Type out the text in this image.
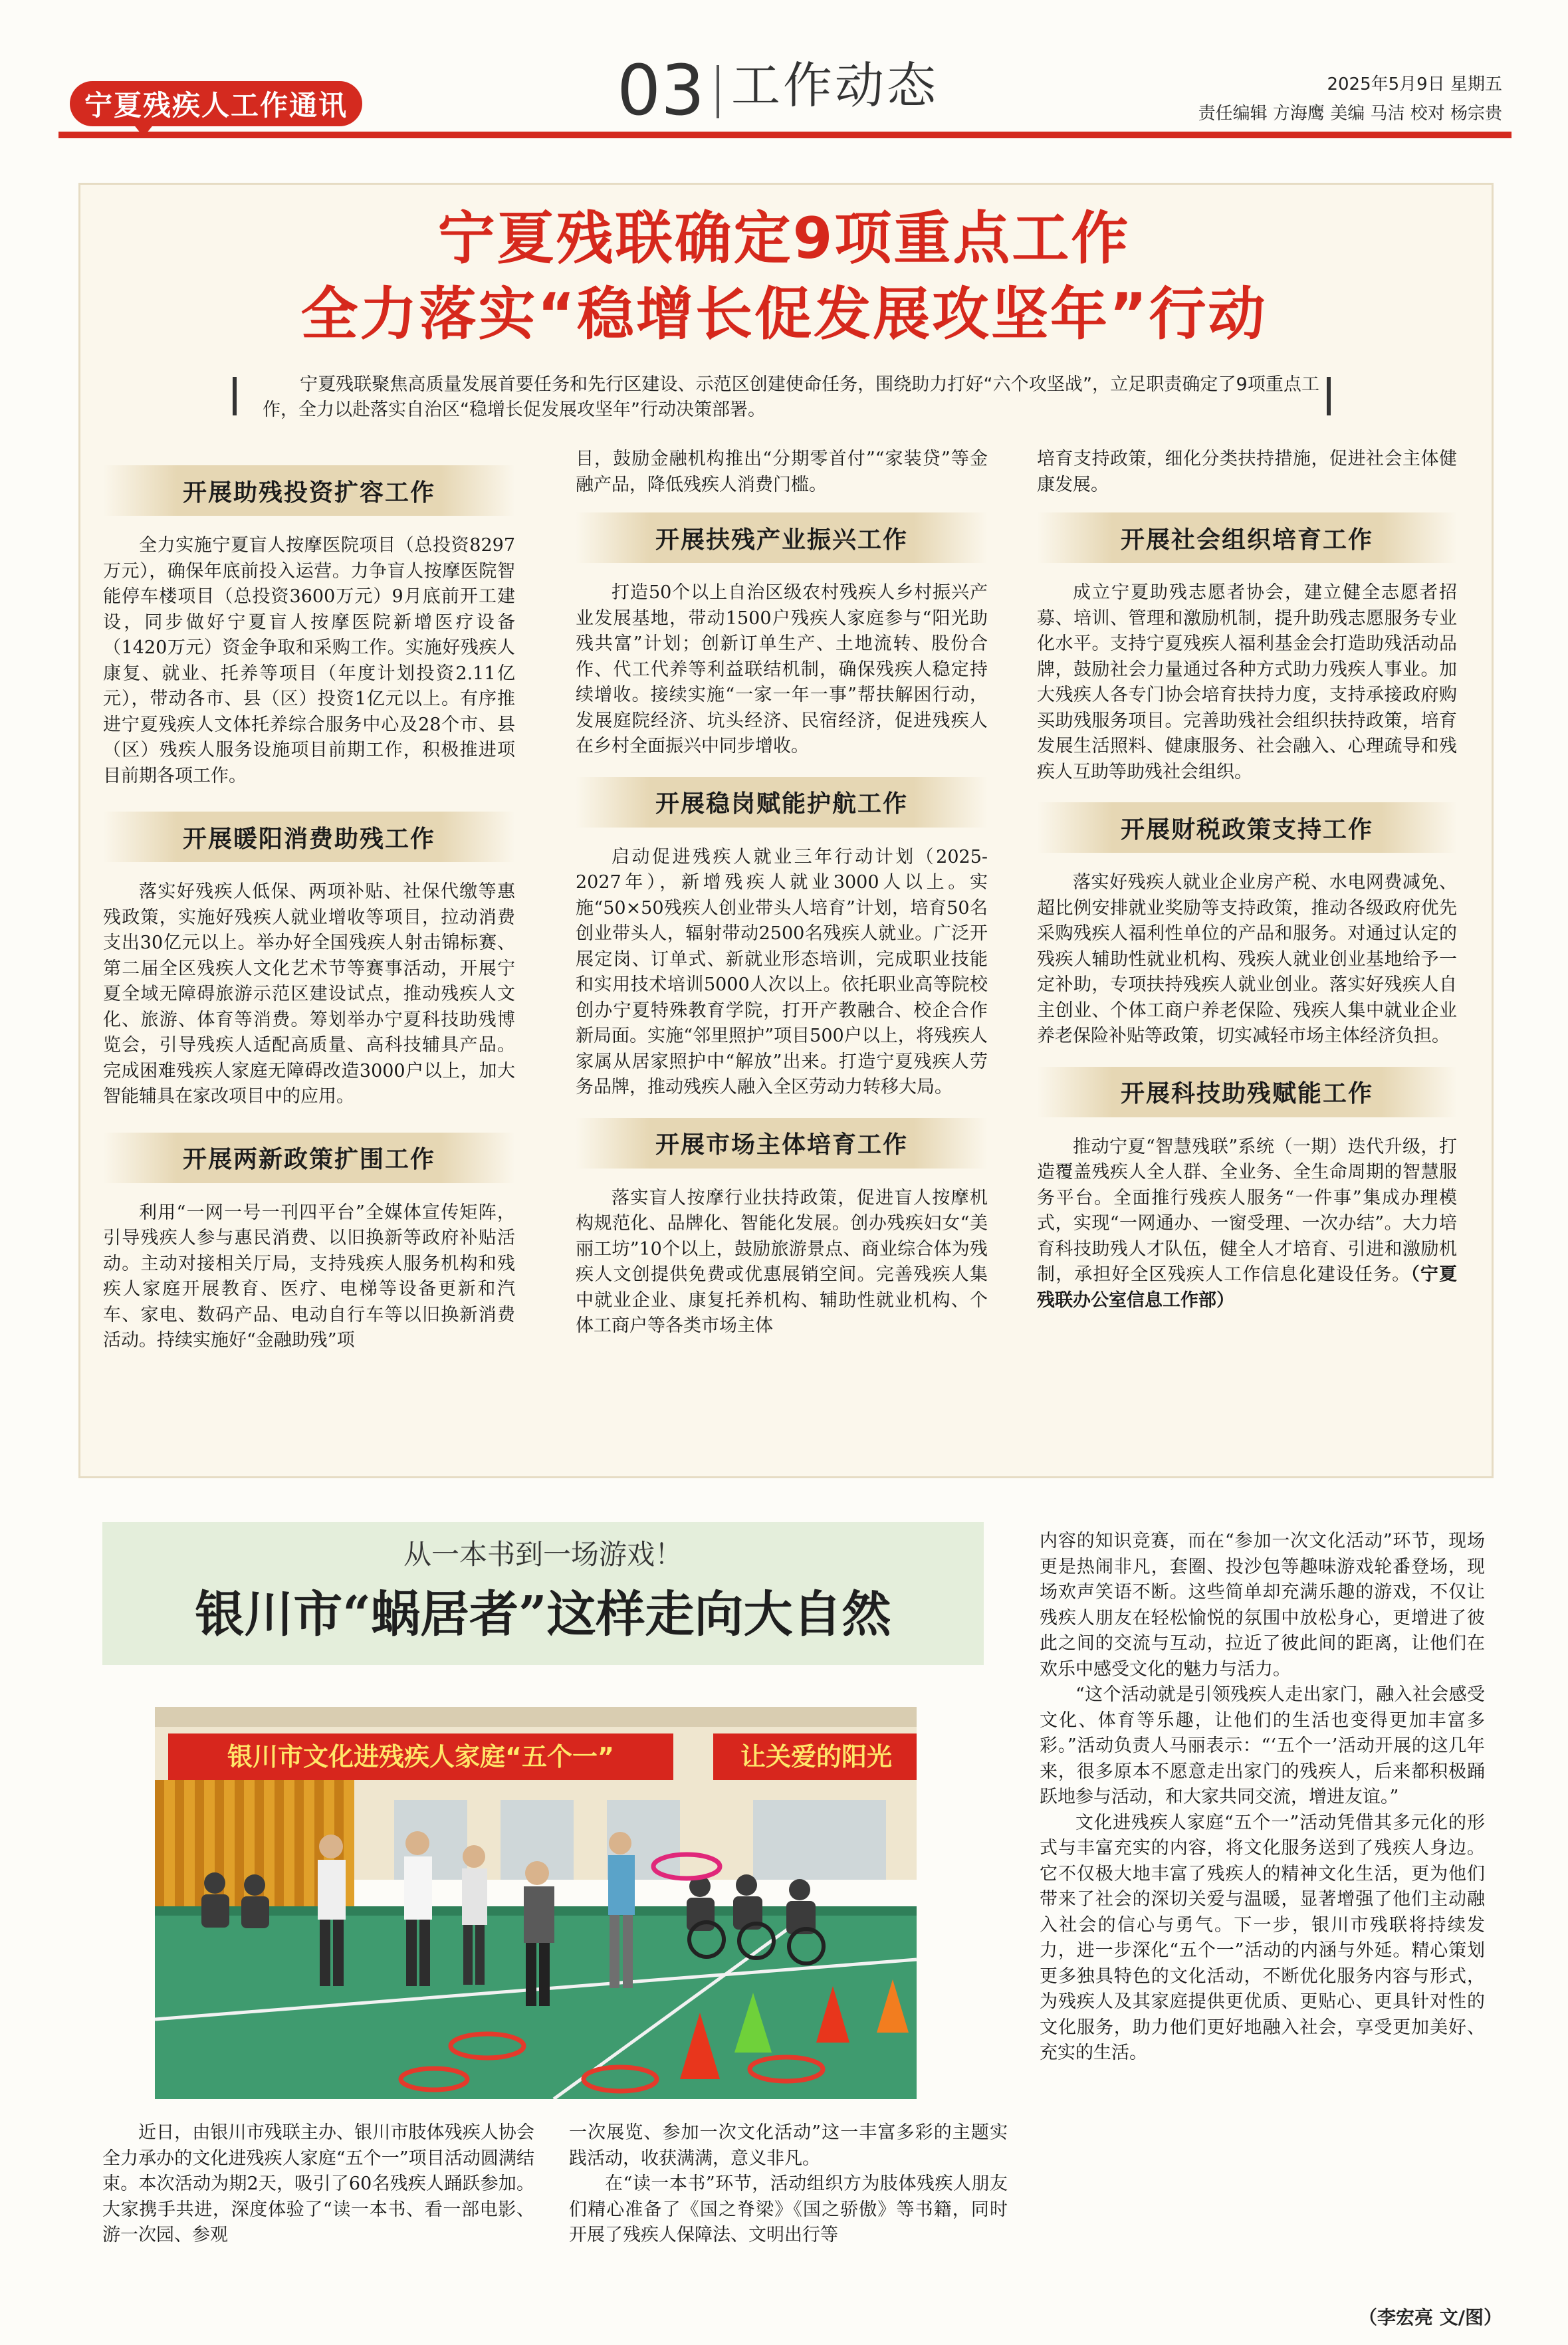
宁夏残疾人工作通讯	03 工作动态	2025年5月9日 星期五
责任编辑 方海鹰 美编 马洁 校对 杨宗贵
宁夏残联确定9项重点工作
全力落实“稳增长促发展攻坚年”行动

宁夏残联聚焦高质量发展首要任务和先行区建设、示范区创建使命任务，围绕助力打好“六个攻坚战”，立足职责确定了9项重点工作，全力以赴落实自治区“稳增长促发展攻坚年”行动决策部署。

开展助残投资扩容工作

全力实施宁夏盲人按摩医院项目（总投资8297万元），确保年底前投入运营。力争盲人按摩医院智能停车楼项目（总投资3600万元）9月底前开工建设，同步做好宁夏盲人按摩医院新增医疗设备（1420万元）资金争取和采购工作。实施好残疾人康复、就业、托养等项目（年度计划投资2.11亿元），带动各市、县（区）投资1亿元以上。有序推进宁夏残疾人文体托养综合服务中心及28个市、县（区）残疾人服务设施项目前期工作，积极推进项目前期各项工作。

开展暖阳消费助残工作

落实好残疾人低保、两项补贴、社保代缴等惠残政策，实施好残疾人就业增收等项目，拉动消费支出30亿元以上。举办好全国残疾人射击锦标赛、第二届全区残疾人文化艺术节等赛事活动，开展宁夏全域无障碍旅游示范区建设试点，推动残疾人文化、旅游、体育等消费。筹划举办宁夏科技助残博览会，引导残疾人适配高质量、高科技辅具产品。完成困难残疾人家庭无障碍改造3000户以上，加大智能辅具在家改项目中的应用。

开展两新政策扩围工作

利用“一网一号一刊四平台”全媒体宣传矩阵，引导残疾人参与惠民消费、以旧换新等政府补贴活动。主动对接相关厅局，支持残疾人服务机构和残疾人家庭开展教育、医疗、电梯等设备更新和汽车、家电、数码产品、电动自行车等以旧换新消费活动。持续实施好“金融助残”项

目，鼓励金融机构推出“分期零首付”“家装贷”等金融产品，降低残疾人消费门槛。

开展扶残产业振兴工作

打造50个以上自治区级农村残疾人乡村振兴产业发展基地，带动1500户残疾人家庭参与“阳光助残共富”计划；创新订单生产、土地流转、股份合作、代工代养等利益联结机制，确保残疾人稳定持续增收。接续实施“一家一年一事”帮扶解困行动，发展庭院经济、坑头经济、民宿经济，促进残疾人在乡村全面振兴中同步增收。

开展稳岗赋能护航工作

启动促进残疾人就业三年行动计划（2025-2027年），新增残疾人就业3000人以上。实施“50×50残疾人创业带头人培育”计划，培育50名创业带头人，辐射带动2500名残疾人就业。广泛开展定岗、订单式、新就业形态培训，完成职业技能和实用技术培训5000人次以上。依托职业高等院校创办宁夏特殊教育学院，打开产教融合、校企合作新局面。实施“邻里照护”项目500户以上，将残疾人家属从居家照护中“解放”出来。打造宁夏残疾人劳务品牌，推动残疾人融入全区劳动力转移大局。

开展市场主体培育工作

落实盲人按摩行业扶持政策，促进盲人按摩机构规范化、品牌化、智能化发展。创办残疾妇女“美丽工坊”10个以上，鼓励旅游景点、商业综合体为残疾人文创提供免费或优惠展销空间。完善残疾人集中就业企业、康复托养机构、辅助性就业机构、个体工商户等各类市场主体

培育支持政策，细化分类扶持措施，促进社会主体健康发展。

开展社会组织培育工作

成立宁夏助残志愿者协会，建立健全志愿者招募、培训、管理和激励机制，提升助残志愿服务专业化水平。支持宁夏残疾人福利基金会打造助残活动品牌，鼓励社会力量通过各种方式助力残疾人事业。加大残疾人各专门协会培育扶持力度，支持承接政府购买助残服务项目。完善助残社会组织扶持政策，培育发展生活照料、健康服务、社会融入、心理疏导和残疾人互助等助残社会组织。

开展财税政策支持工作

落实好残疾人就业企业房产税、水电网费减免、超比例安排就业奖励等支持政策，推动各级政府优先采购残疾人福利性单位的产品和服务。对通过认定的残疾人辅助性就业机构、残疾人就业创业基地给予一定补助，专项扶持残疾人就业创业。落实好残疾人自主创业、个体工商户养老保险、残疾人集中就业企业养老保险补贴等政策，切实减轻市场主体经济负担。

开展科技助残赋能工作

推动宁夏“智慧残联”系统（一期）迭代升级，打造覆盖残疾人全人群、全业务、全生命周期的智慧服务平台。全面推行残疾人服务“一件事”集成办理模式，实现“一网通办、一窗受理、一次办结”。大力培育科技助残人才队伍，健全人才培育、引进和激励机制，承担好全区残疾人工作信息化建设任务。（宁夏残联办公室信息工作部）

从一本书到一场游戏！
银川市“蜗居者”这样走向大自然
银川市文化进残疾人家庭“五个一”	让关爱的阳光

近日，由银川市残联主办、银川市肢体残疾人协会全力承办的文化进残疾人家庭“五个一”项目活动圆满结束。本次活动为期2天，吸引了60名残疾人踊跃参加。大家携手共进，深度体验了“读一本书、看一部电影、游一次园、参观

一次展览、参加一次文化活动”这一丰富多彩的主题实践活动，收获满满，意义非凡。

在“读一本书”环节，活动组织方为肢体残疾人朋友们精心准备了《国之脊梁》《国之骄傲》等书籍，同时开展了残疾人保障法、文明出行等

内容的知识竞赛，而在“参加一次文化活动”环节，现场更是热闹非凡，套圈、投沙包等趣味游戏轮番登场，现场欢声笑语不断。这些简单却充满乐趣的游戏，不仅让残疾人朋友在轻松愉悦的氛围中放松身心，更增进了彼此之间的交流与互动，拉近了彼此间的距离，让他们在欢乐中感受文化的魅力与活力。

“这个活动就是引领残疾人走出家门，融入社会感受文化、体育等乐趣，让他们的生活也变得更加丰富多彩。”活动负责人马丽表示：“‘五个一’活动开展的这几年来，很多原本不愿意走出家门的残疾人，后来都积极踊跃地参与活动，和大家共同交流，增进友谊。”

文化进残疾人家庭“五个一”活动凭借其多元化的形式与丰富充实的内容，将文化服务送到了残疾人身边。它不仅极大地丰富了残疾人的精神文化生活，更为他们带来了社会的深切关爱与温暖，显著增强了他们主动融入社会的信心与勇气。下一步，银川市残联将持续发力，进一步深化“五个一”活动的内涵与外延。精心策划更多独具特色的文化活动，不断优化服务内容与形式，为残疾人及其家庭提供更优质、更贴心、更具针对性的文化服务，助力他们更好地融入社会，享受更加美好、充实的生活。

（李宏亮 文/图）
